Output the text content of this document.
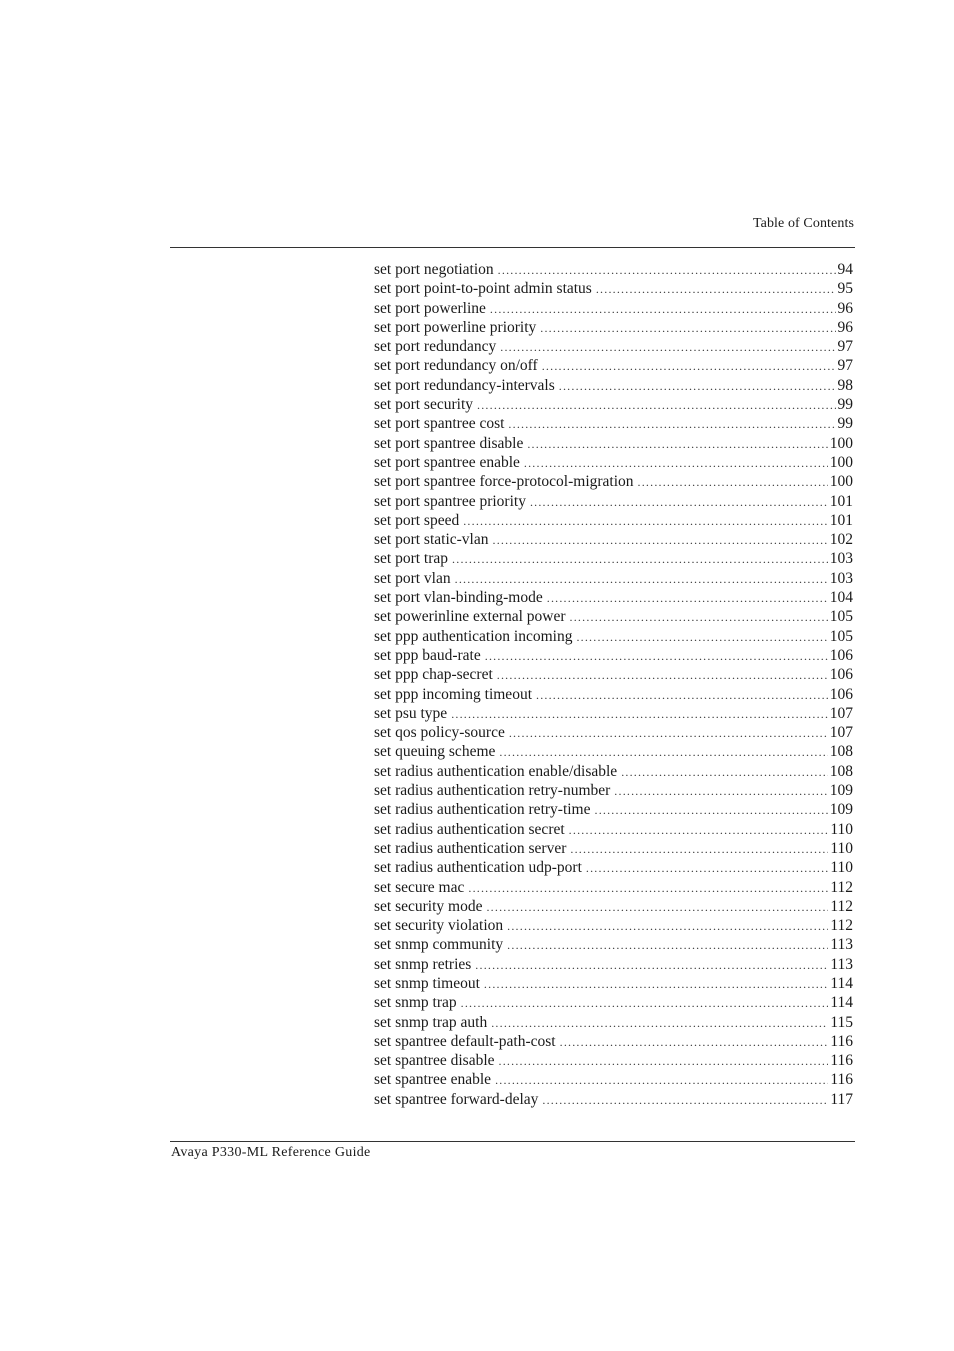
Table of Contents
set port negotiation .....	94
set port point-to-point admin status .....	95
set port powerline .....	96
set port powerline priority .....	96
set port redundancy .....	97
set port redundancy on/off .....	97
set port redundancy-intervals .....	98
set port security .....	99
set port spantree cost .....	99
set port spantree disable .....	100
set port spantree enable .....	100
set port spantree force-protocol-migration .....	100
set port spantree priority .....	101
set port speed .....	101
set port static-vlan .....	102
set port trap .....	103
set port vlan .....	103
set port vlan-binding-mode .....	104
set powerinline external power .....	105
set ppp authentication incoming .....	105
set ppp baud-rate .....	106
set ppp chap-secret .....	106
set ppp incoming timeout .....	106
set psu type .....	107
set qos policy-source .....	107
set queuing scheme .....	108
set radius authentication enable/disable .....	108
set radius authentication retry-number .....	109
set radius authentication retry-time .....	109
set radius authentication secret .....	110
set radius authentication server .....	110
set radius authentication udp-port .....	110
set secure mac .....	112
set security mode .....	112
set security violation .....	112
set snmp community .....	113
set snmp retries .....	113
set snmp timeout .....	114
set snmp trap .....	114
set snmp trap auth .....	115
set spantree default-path-cost .....	116
set spantree disable .....	116
set spantree enable .....	116
set spantree forward-delay .....	117
Avaya P330-ML Reference Guide
